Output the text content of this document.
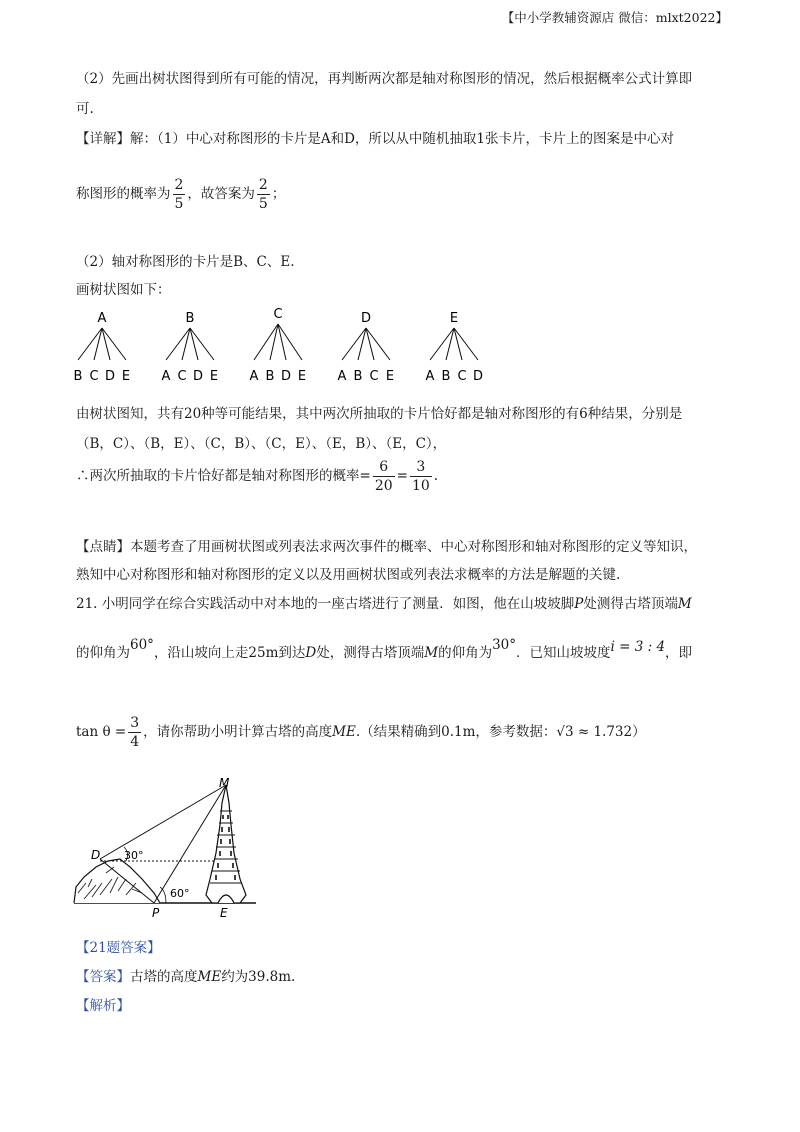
【中小学教辅资源店 微信：mlxt2022】
（2）先画出树状图得到所有可能的情况，再判断两次都是轴对称图形的情况，然后根据概率公式计算即
可.
【详解】解：（1）中心对称图形的卡片是A和D，所以从中随机抽取1张卡片，卡片上的图案是中心对
称图形的概率为 $\frac{2}{5}$ ，故答案为 $\frac{2}{5}$ ；
（2）轴对称图形的卡片是B、C、E.
画树状图如下：
A
B C D E
B
A C D E
C
A B D E
D
A B C E
E
A B C D
由树状图知，共有20种等可能结果，其中两次所抽取的卡片恰好都是轴对称图形的有6种结果，分别是
（B，C）、（B，E）、（C，B）、（C，E）、（E，B）、（E，C），
∴两次所抽取的卡片恰好都是轴对称图形的概率= $\frac{6}{20} = \frac{3}{10}$ .
【点睛】本题考查了用画树状图或列表法求两次事件的概率、中心对称图形和轴对称图形的定义等知识，
熟知中心对称图形和轴对称图形的定义以及用画树状图或列表法求概率的方法是解题的关键.
21. 小明同学在综合实践活动中对本地的一座古塔进行了测量．如图，他在山坡坡脚P处测得古塔顶端M
的仰角为60°，沿山坡向上走25m到达D处，测得古塔顶端M的仰角为30°．已知山坡坡度i = 3 : 4，即
$\tan \theta = \frac{3}{4}$ ，请你帮助小明计算古塔的高度ME.（结果精确到0.1m，参考数据：√3 ≈ 1.732）
M
D
P	E
30°
60°
【21题答案】
【答案】古塔的高度ME约为39.8m.
【解析】
